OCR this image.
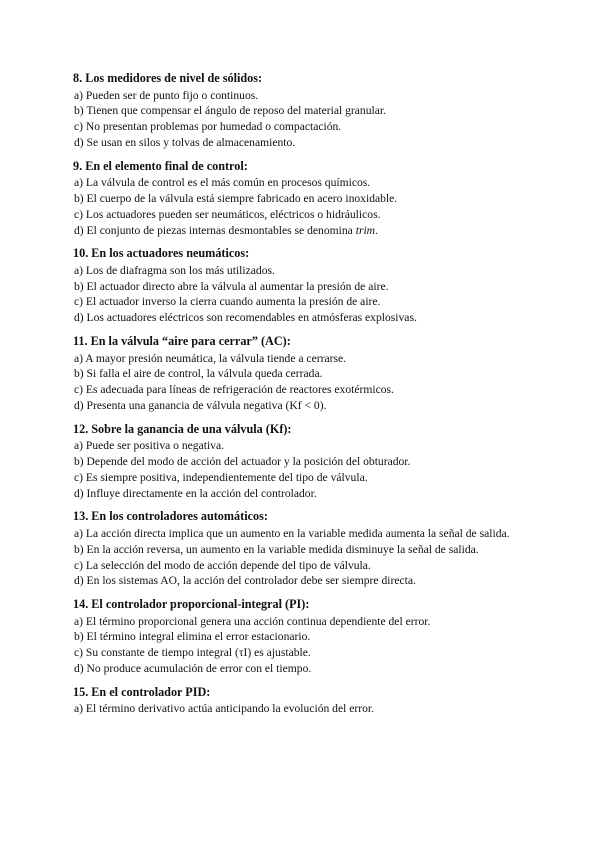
8. Los medidores de nivel de sólidos:
a) Pueden ser de punto fijo o continuos.
b) Tienen que compensar el ángulo de reposo del material granular.
c) No presentan problemas por humedad o compactación.
d) Se usan en silos y tolvas de almacenamiento.
9. En el elemento final de control:
a) La válvula de control es el más común en procesos químicos.
b) El cuerpo de la válvula está siempre fabricado en acero inoxidable.
c) Los actuadores pueden ser neumáticos, eléctricos o hidráulicos.
d) El conjunto de piezas internas desmontables se denomina trim.
10. En los actuadores neumáticos:
a) Los de diafragma son los más utilizados.
b) El actuador directo abre la válvula al aumentar la presión de aire.
c) El actuador inverso la cierra cuando aumenta la presión de aire.
d) Los actuadores eléctricos son recomendables en atmósferas explosivas.
11. En la válvula “aire para cerrar” (AC):
a) A mayor presión neumática, la válvula tiende a cerrarse.
b) Si falla el aire de control, la válvula queda cerrada.
c) Es adecuada para líneas de refrigeración de reactores exotérmicos.
d) Presenta una ganancia de válvula negativa (Kf < 0).
12. Sobre la ganancia de una válvula (Kf):
a) Puede ser positiva o negativa.
b) Depende del modo de acción del actuador y la posición del obturador.
c) Es siempre positiva, independientemente del tipo de válvula.
d) Influye directamente en la acción del controlador.
13. En los controladores automáticos:
a) La acción directa implica que un aumento en la variable medida aumenta la señal de salida.
b) En la acción reversa, un aumento en la variable medida disminuye la señal de salida.
c) La selección del modo de acción depende del tipo de válvula.
d) En los sistemas AO, la acción del controlador debe ser siempre directa.
14. El controlador proporcional-integral (PI):
a) El término proporcional genera una acción continua dependiente del error.
b) El término integral elimina el error estacionario.
c) Su constante de tiempo integral (τI) es ajustable.
d) No produce acumulación de error con el tiempo.
15. En el controlador PID:
a) El término derivativo actúa anticipando la evolución del error.
